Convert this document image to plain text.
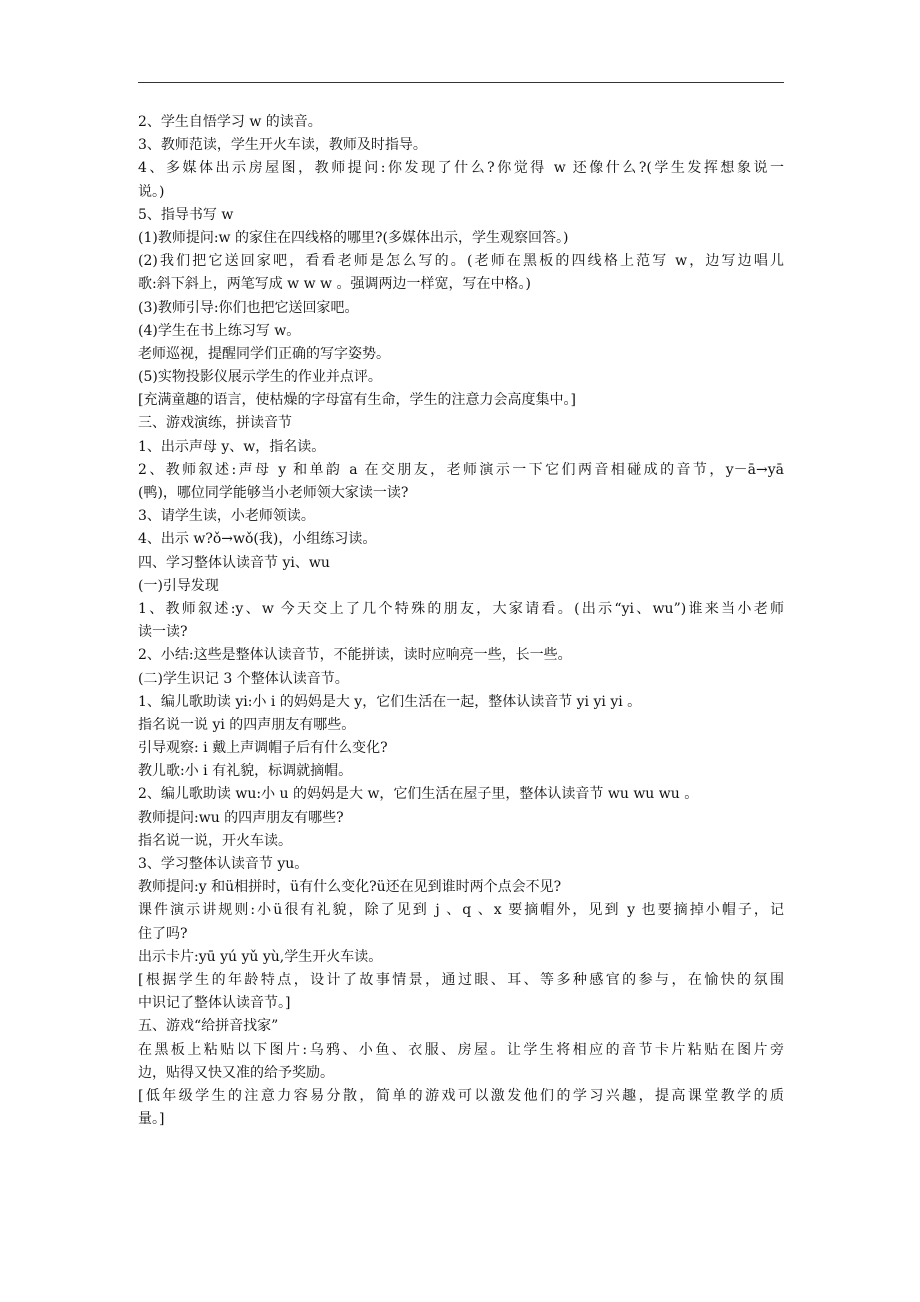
2、学生自悟学习 w 的读音。
3、教师范读，学生开火车读，教师及时指导。
4、多媒体出示房屋图，教师提问:你发现了什么?你觉得 w 还像什么?(学生发挥想象说一
说。)
5、指导书写 w
(1)教师提问:w 的家住在四线格的哪里?(多媒体出示，学生观察回答。)
(2)我们把它送回家吧，看看老师是怎么写的。(老师在黑板的四线格上范写 w，边写边唱儿
歌:斜下斜上，两笔写成 w w w 。强调两边一样宽，写在中格。)
(3)教师引导:你们也把它送回家吧。
(4)学生在书上练习写 w。
老师巡视，提醒同学们正确的写字姿势。
(5)实物投影仪展示学生的作业并点评。
[充满童趣的语言，使枯燥的字母富有生命，学生的注意力会高度集中。]
三、游戏演练，拼读音节
1、出示声母 y、w，指名读。
2、教师叙述:声母 y 和单韵 a 在交朋友，老师演示一下它们两音相碰成的音节，y－ā→yā
(鸭)，哪位同学能够当小老师领大家读一读?
3、请学生读，小老师领读。
4、出示 w?ǒ→wǒ(我)，小组练习读。
四、学习整体认读音节 yi、wu
(一)引导发现
1、教师叙述:y、w 今天交上了几个特殊的朋友，大家请看。(出示“yi、wu”)谁来当小老师
读一读?
2、小结:这些是整体认读音节，不能拼读，读时应响亮一些，长一些。
(二)学生识记 3 个整体认读音节。
1、编儿歌助读 yi:小 i 的妈妈是大 y，它们生活在一起，整体认读音节 yi yi yi 。
指名说一说 yi 的四声朋友有哪些。
引导观察: i 戴上声调帽子后有什么变化?
教儿歌:小 i 有礼貌，标调就摘帽。
2、编儿歌助读 wu:小 u 的妈妈是大 w，它们生活在屋子里，整体认读音节 wu wu wu 。
教师提问:wu 的四声朋友有哪些?
指名说一说，开火车读。
3、学习整体认读音节 yu。
教师提问:y 和ü相拼时，ü有什么变化?ü还在见到谁时两个点会不见?
课件演示讲规则:小ü很有礼貌，除了见到 j 、q 、x 要摘帽外，见到 y 也要摘掉小帽子，记
住了吗?
出示卡片:yū yú yǔ yù,学生开火车读。
[根据学生的年龄特点，设计了故事情景，通过眼、耳、等多种感官的参与，在愉快的氛围
中识记了整体认读音节。]
五、游戏“给拼音找家”
在黑板上粘贴以下图片:乌鸦、小鱼、衣服、房屋。让学生将相应的音节卡片粘贴在图片旁
边，贴得又快又准的给予奖励。
[低年级学生的注意力容易分散，简单的游戏可以激发他们的学习兴趣，提高课堂教学的质
量。]
